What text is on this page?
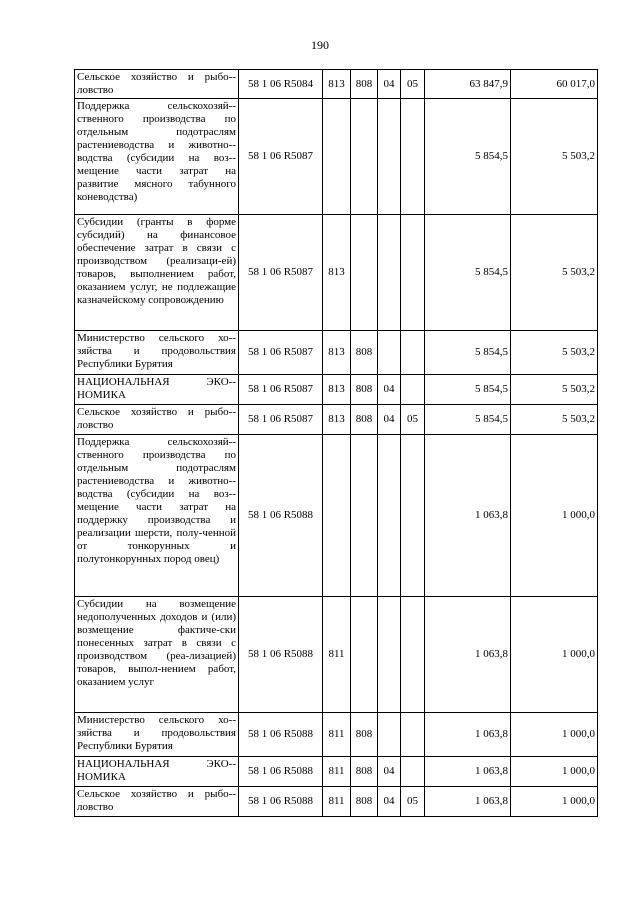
190
Сельское хозяйство и рыбо-ловство	58 1 06 R5084	813	808	04	05	63 847,9	60 017,0
Поддержка сельскохозяй-ственного производства по отдельным подотраслям растениеводства и животно-водства (субсидии на воз-мещение части затрат на развитие мясного табунного коневодства)	58 1 06 R5087					5 854,5	5 503,2
Субсидии (гранты в форме субсидий) на финансовое обеспечение затрат в связи с производством (реализаци-ей) товаров, выполнением работ, оказанием услуг, не подлежащие казначейскому сопровождению	58 1 06 R5087	813				5 854,5	5 503,2
Министерство сельского хо-зяйства и продовольствия Республики Бурятия	58 1 06 R5087	813	808			5 854,5	5 503,2
НАЦИОНАЛЬНАЯ ЭКО-НОМИКА	58 1 06 R5087	813	808	04		5 854,5	5 503,2
Сельское хозяйство и рыбо-ловство	58 1 06 R5087	813	808	04	05	5 854,5	5 503,2
Поддержка сельскохозяй-ственного производства по отдельным подотраслям растениеводства и животно-водства (субсидии на воз-мещение части затрат на поддержку производства и реализации шерсти, полу-ченной от тонкорунных и полутонкорунных пород овец)	58 1 06 R5088					1 063,8	1 000,0
Субсидии на возмещение недополученных доходов и (или) возмещение фактиче-ски понесенных затрат в связи с производством (реа-лизацией) товаров, выпол-нением работ, оказанием услуг	58 1 06 R5088	811				1 063,8	1 000,0
Министерство сельского хо-зяйства и продовольствия Республики Бурятия	58 1 06 R5088	811	808			1 063,8	1 000,0
НАЦИОНАЛЬНАЯ ЭКО-НОМИКА	58 1 06 R5088	811	808	04		1 063,8	1 000,0
Сельское хозяйство и рыбо-ловство	58 1 06 R5088	811	808	04	05	1 063,8	1 000,0
